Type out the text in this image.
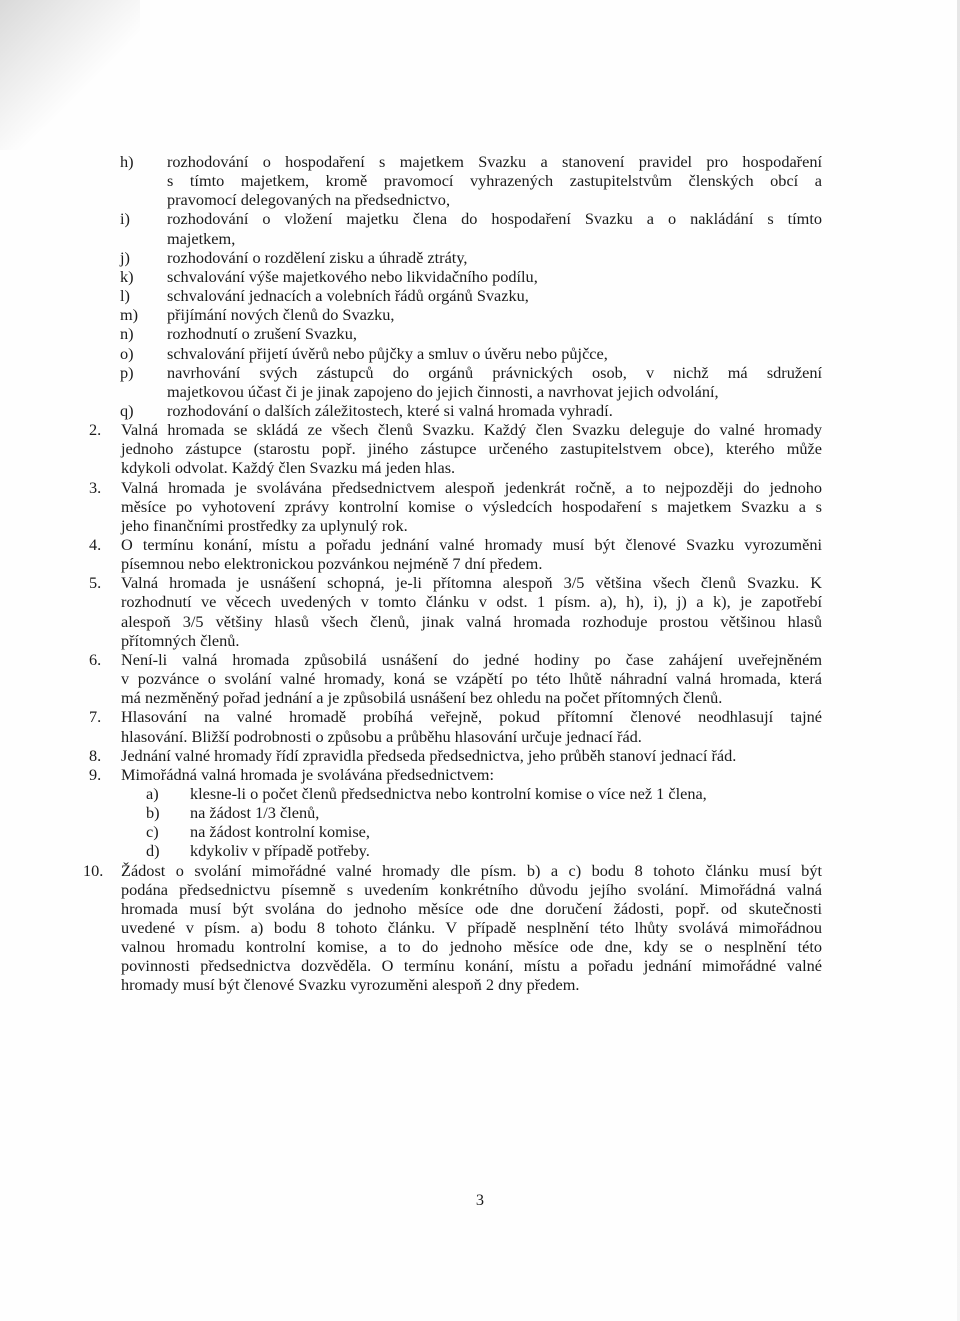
h) rozhodování o hospodaření s majetkem Svazku a stanovení pravidel pro hospodaření
s tímto majetkem, kromě pravomocí vyhrazených zastupitelstvům členských obcí a
pravomocí delegovaných na předsednictvo,
i) rozhodování o vložení majetku člena do hospodaření Svazku a o nakládání s tímto
majetkem,
j) rozhodování o rozdělení zisku a úhradě ztráty,
k) schvalování výše majetkového nebo likvidačního podílu,
l) schvalování jednacích a volebních řádů orgánů Svazku,
m) přijímání nových členů do Svazku,
n) rozhodnutí o zrušení Svazku,
o) schvalování přijetí úvěrů nebo půjčky a smluv o úvěru nebo půjčce,
p) navrhování svých zástupců do orgánů právnických osob, v nichž má sdružení
majetkovou účast či je jinak zapojeno do jejich činnosti, a navrhovat jejich odvolání,
q) rozhodování o dalších záležitostech, které si valná hromada vyhradí.
2. Valná hromada se skládá ze všech členů Svazku. Každý člen Svazku deleguje do valné hromady
jednoho zástupce (starostu popř. jiného zástupce určeného zastupitelstvem obce), kterého může
kdykoli odvolat. Každý člen Svazku má jeden hlas.
3. Valná hromada je svolávána předsednictvem alespoň jedenkrát ročně, a to nejpozději do jednoho
měsíce po vyhotovení zprávy kontrolní komise o výsledcích hospodaření s majetkem Svazku a s
jeho finančními prostředky za uplynulý rok.
4. O termínu konání, místu a pořadu jednání valné hromady musí být členové Svazku vyrozuměni
písemnou nebo elektronickou pozvánkou nejméně 7 dní předem.
5. Valná hromada je usnášení schopná, je-li přítomna alespoň 3/5 většina všech členů Svazku. K
rozhodnutí ve věcech uvedených v tomto článku v odst. 1 písm. a), h), i), j) a k), je zapotřebí
alespoň 3/5 většiny hlasů všech členů, jinak valná hromada rozhoduje prostou většinou hlasů
přítomných členů.
6. Není-li valná hromada způsobilá usnášení do jedné hodiny po čase zahájení uveřejněném
v pozvánce o svolání valné hromady, koná se vzápětí po této lhůtě náhradní valná hromada, která
má nezměněný pořad jednání a je způsobilá usnášení bez ohledu na počet přítomných členů.
7. Hlasování na valné hromadě probíhá veřejně, pokud přítomní členové neodhlasují tajné
hlasování. Bližší podrobnosti o způsobu a průběhu hlasování určuje jednací řád.
8. Jednání valné hromady řídí zpravidla předseda předsednictva, jeho průběh stanoví jednací řád.
9. Mimořádná valná hromada je svolávána předsednictvem:
a) klesne-li o počet členů předsednictva nebo kontrolní komise o více než 1 člena,
b) na žádost 1/3 členů,
c) na žádost kontrolní komise,
d) kdykoliv v případě potřeby.
10. Žádost o svolání mimořádné valné hromady dle písm. b) a c) bodu 8 tohoto článku musí být
podána předsednictvu písemně s uvedením konkrétního důvodu jejího svolání. Mimořádná valná
hromada musí být svolána do jednoho měsíce ode dne doručení žádosti, popř. od skutečnosti
uvedené v písm. a) bodu 8 tohoto článku. V případě nesplnění této lhůty svolává mimořádnou
valnou hromadu kontrolní komise, a to do jednoho měsíce ode dne, kdy se o nesplnění této
povinnosti předsednictva dozvěděla. O termínu konání, místu a pořadu jednání mimořádné valné
hromady musí být členové Svazku vyrozuměni alespoň 2 dny předem.
3
